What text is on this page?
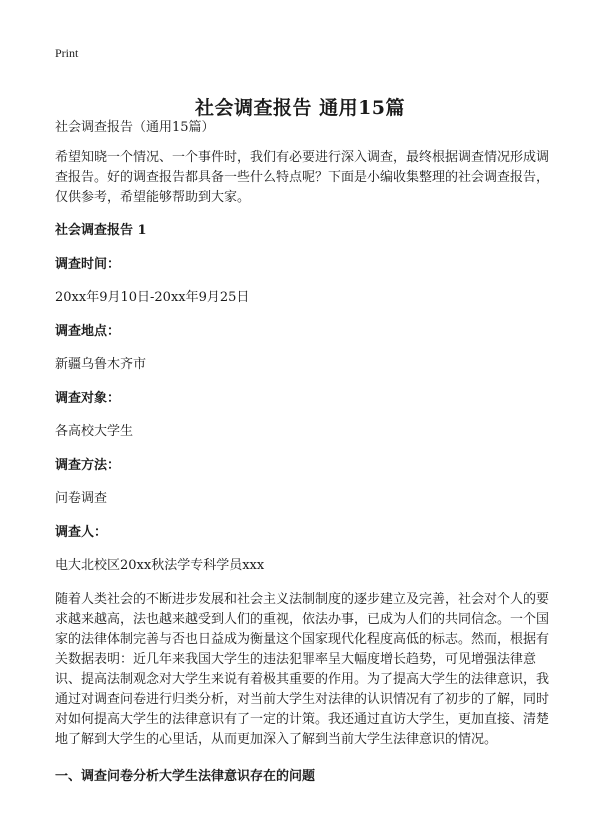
Print
社会调查报告 通用15篇

社会调查报告（通用15篇）

希望知晓一个情况、一个事件时，我们有必要进行深入调查，最终根据调查情况形成调查报告。好的调查报告都具备一些什么特点呢？下面是小编收集整理的社会调查报告，仅供参考，希望能够帮助到大家。

社会调查报告 1

调查时间：

20xx年9月10日-20xx年9月25日

调查地点：

新疆乌鲁木齐市

调查对象：

各高校大学生

调查方法：

问卷调查

调查人：

电大北校区20xx秋法学专科学员xxx

随着人类社会的不断进步发展和社会主义法制制度的逐步建立及完善，社会对个人的要求越来越高，法也越来越受到人们的重视，依法办事，已成为人们的共同信念。一个国家的法律体制完善与否也日益成为衡量这个国家现代化程度高低的标志。然而，根据有关数据表明：近几年来我国大学生的违法犯罪率呈大幅度增长趋势，可见增强法律意识、提高法制观念对大学生来说有着极其重要的作用。为了提高大学生的法律意识，我通过对调查问卷进行归类分析，对当前大学生对法律的认识情况有了初步的了解，同时对如何提高大学生的法律意识有了一定的计策。我还通过直访大学生，更加直接、清楚地了解到大学生的心里话，从而更加深入了解到当前大学生法律意识的情况。

一、调查问卷分析大学生法律意识存在的问题
